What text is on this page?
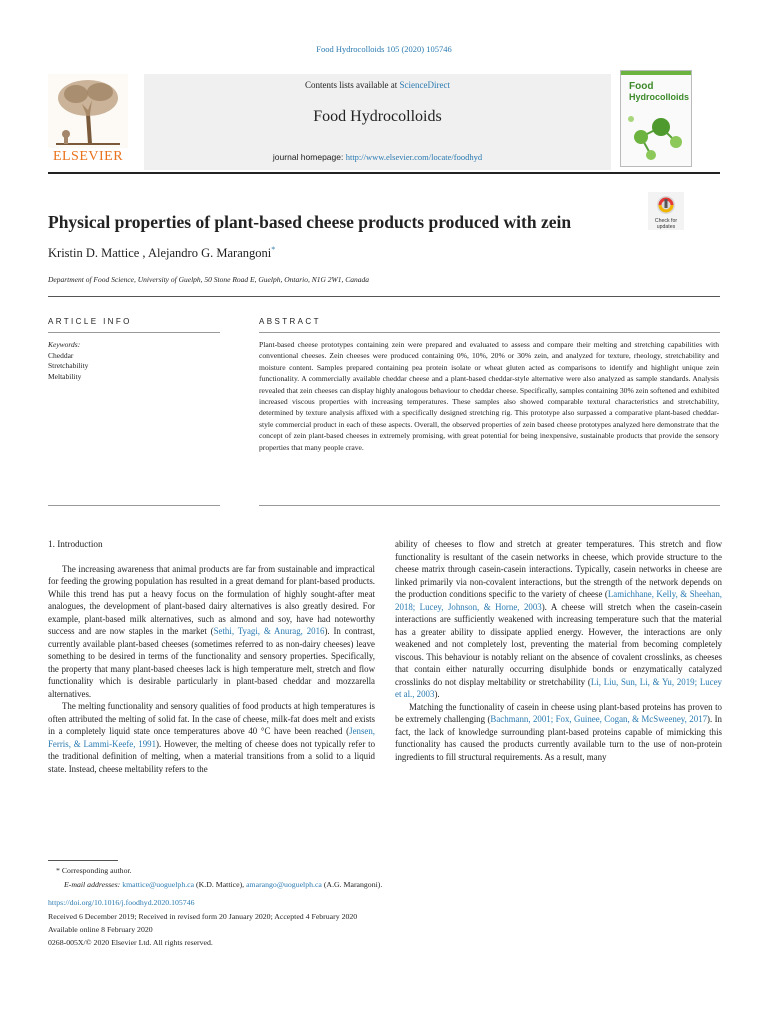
Food Hydrocolloids 105 (2020) 105746
ELSEVIER
Contents lists available at ScienceDirect
Food Hydrocolloids
journal homepage: http://www.elsevier.com/locate/foodhyd
Food
Hydrocolloids
Physical properties of plant-based cheese products produced with zein	Check for
updates
Kristin D. Mattice , Alejandro G. Marangoni*
Department of Food Science, University of Guelph, 50 Stone Road E, Guelph, Ontario, N1G 2W1, Canada
ARTICLE INFO	ABSTRACT
Keywords:
Cheddar
Stretchability
Meltability
Plant-based cheese prototypes containing zein were prepared and evaluated to assess and compare their melting and stretching capabilities with conventional cheeses. Zein cheeses were produced containing 0%, 10%, 20% or 30% zein, and analyzed for texture, rheology, stretchability and moisture content. Samples prepared containing pea protein isolate or wheat gluten acted as comparisons to identify and highlight unique zein functionality. A commercially available cheddar cheese and a plant-based cheddar-style alternative were also analyzed as sample standards. Analysis revealed that zein cheeses can display highly analogous behaviour to cheddar cheese. Specifically, samples containing 30% zein softened and exhibited increased viscous properties with increasing temperatures. These samples also showed comparable textural characteristics and stretchability, determined by texture analysis affixed with a specifically designed stretching rig. This prototype also surpassed a comparative plant-based cheddar-style commercial product in each of these aspects. Overall, the observed properties of zein based cheese prototypes analyzed here demonstrate that the concept of zein plant-based cheeses in extremely promising, with great potential for being inexpensive, sustainable products that provide the sensory properties that many people crave.
1. Introduction

The increasing awareness that animal products are far from sustainable and impractical for feeding the growing population has resulted in a great demand for plant-based products. While this trend has put a heavy focus on the formulation of highly sought-after meat analogues, the development of plant-based dairy alternatives is also greatly desired. For example, plant-based milk alternatives, such as almond and soy, have had noteworthy success and are now staples in the market (Sethi, Tyagi, & Anurag, 2016). In contrast, currently available plant-based cheeses (sometimes referred to as non-dairy cheeses) leave something to be desired in terms of the functionality and sensory properties. Specifically, the property that many plant-based cheeses lack is high temperature melt, stretch and flow functionality which is desirable particularly in plant-based cheddar and mozzarella alternatives.

The melting functionality and sensory qualities of food products at high temperatures is often attributed the melting of solid fat. In the case of cheese, milk-fat does melt and exists in a completely liquid state once temperatures above 40 °C have been reached (Jensen, Ferris, & Lammi-Keefe, 1991). However, the melting of cheese does not typically refer to the traditional definition of melting, when a material transitions from a solid to a liquid state. Instead, cheese meltability refers to the

ability of cheeses to flow and stretch at greater temperatures. This stretch and flow functionality is resultant of the casein networks in cheese, which provide structure to the cheese matrix through casein-casein interactions. Typically, casein networks in cheese are linked primarily via non-covalent interactions, but the strength of the network depends on the production conditions specific to the variety of cheese (Lamichhane, Kelly, & Sheehan, 2018; Lucey, Johnson, & Horne, 2003). A cheese will stretch when the casein-casein interactions are sufficiently weakened with increasing temperature such that the material has a greater ability to dissipate applied energy. However, the interactions are only weakened and not completely lost, preventing the material from becoming completely viscous. This behaviour is notably reliant on the absence of covalent crosslinks, as cheeses that contain either naturally occurring disulphide bonds or enzymatically catalyzed crosslinks do not display meltability or stretchability (Li, Liu, Sun, Li, & Yu, 2019; Lucey et al., 2003).

Matching the functionality of casein in cheese using plant-based proteins has proven to be extremely challenging (Bachmann, 2001; Fox, Guinee, Cogan, & McSweeney, 2017). In fact, the lack of knowledge surrounding plant-based proteins capable of mimicking this functionality has caused the products currently available turn to the use of non-protein ingredients to fill structural requirements. As a result, many

* Corresponding author.
E-mail addresses: kmattice@uoguelph.ca (K.D. Mattice), amarango@uoguelph.ca (A.G. Marangoni).
https://doi.org/10.1016/j.foodhyd.2020.105746
Received 6 December 2019; Received in revised form 20 January 2020; Accepted 4 February 2020
Available online 8 February 2020
0268-005X/© 2020 Elsevier Ltd. All rights reserved.
